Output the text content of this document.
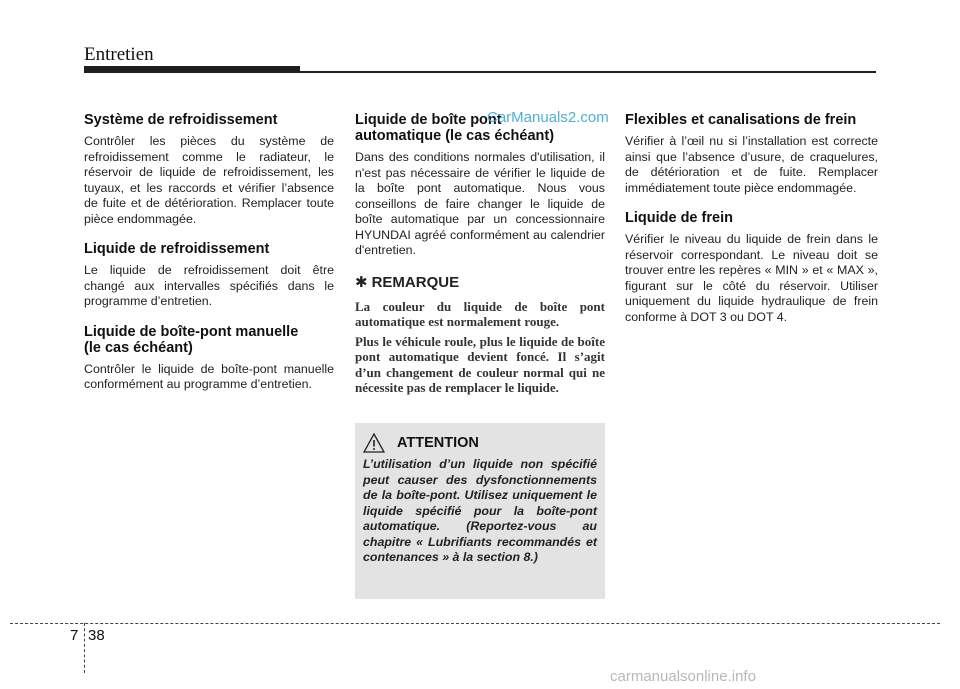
Entretien
Système de refroidissement

Contrôler les pièces du système de refroidissement comme le radiateur, le réservoir de liquide de refroidissement, les tuyaux, et les raccords et vérifier l’absence de fuite et de détérioration. Remplacer toute pièce endommagée.

Liquide de refroidissement

Le liquide de refroidissement doit être changé aux intervalles spécifiés dans le programme d’entretien.

Liquide de boîte-pont manuelle
(le cas échéant)

Contrôler le liquide de boîte-pont manuelle conformément au programme d’entretien.

Liquide de boîte pont
automatique (le cas échéant)

Dans des conditions normales d'utilisation, il n'est pas nécessaire de vérifier le liquide de la boîte pont automatique. Nous vous conseillons de faire changer le liquide de boîte automatique par un concessionnaire HYUNDAI agréé conformément au calendrier d'entretien.

✱ REMARQUE

La couleur du liquide de boîte pont automatique est normalement rouge.

Plus le véhicule roule, plus le liquide de boîte pont automatique devient foncé. Il s’agit d’un changement de couleur normal qui ne nécessite pas de remplacer le liquide.

ATTENTION

L’utilisation d’un liquide non spécifié peut causer des dysfonctionnements de la boîte-pont. Utilisez uniquement le liquide spécifié pour la boîte-pont automatique. (Reportez-vous au chapitre « Lubrifiants recommandés et contenances » à la section 8.)

Flexibles et canalisations de frein

Vérifier à l’œil nu si l’installation est correcte ainsi que l’absence d’usure, de craquelures, de détérioration et de fuite. Remplacer immédiatement toute pièce endommagée.

Liquide de frein

Vérifier le niveau du liquide de frein dans le réservoir correspondant. Le niveau doit se trouver entre les repères « MIN » et « MAX », figurant sur le côté du réservoir. Utiliser uniquement du liquide hydraulique de frein conforme à DOT 3 ou DOT 4.

CarManuals2.com
7 38
carmanualsonline.info
